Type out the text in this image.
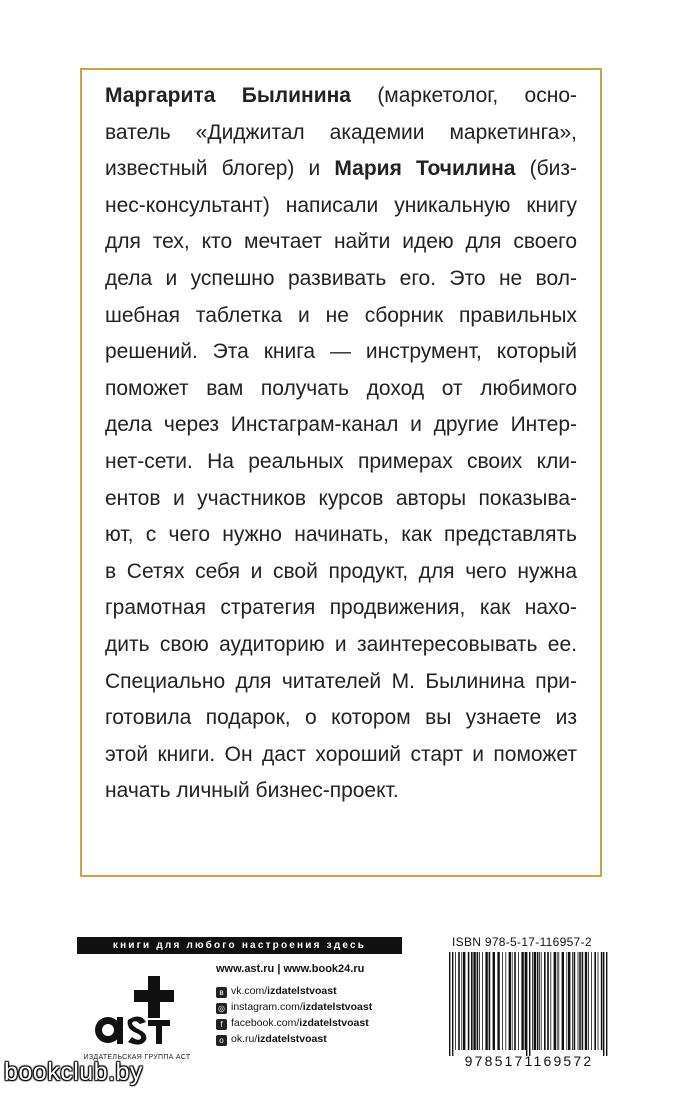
Маргарита Былинина (маркетолог, осно-
ватель «Диджитал академии маркетинга»,
известный блогер) и Мария Точилина (биз-
нес-консультант) написали уникальную книгу
для тех, кто мечтает найти идею для своего
дела и успешно развивать его. Это не вол-
шебная таблетка и не сборник правильных
решений. Эта книга — инструмент, который
поможет вам получать доход от любимого
дела через Инстаграм-канал и другие Интер-
нет-сети. На реальных примерах своих кли-
ентов и участников курсов авторы показыва-
ют, с чего нужно начинать, как представлять
в Сетях себя и свой продукт, для чего нужна
грамотная стратегия продвижения, как нахо-
дить свою аудиторию и заинтересовывать ее.
Специально для читателей М. Былинина при-
готовила подарок, о котором вы узнаете из
этой книги. Он даст хороший старт и поможет
начать личный бизнес-проект.
книги для любого настроения здесь
ИЗДАТЕЛЬСКАЯ ГРУППА АСТ
www.ast.ru | www.book24.ru
в vk.com/izdatelstvoast
◎ instagram.com/izdatelstvoast
f facebook.com/izdatelstvoast
о ok.ru/izdatelstvoast
ISBN 978-5-17-116957-2
9785171169572
bookclub.by
